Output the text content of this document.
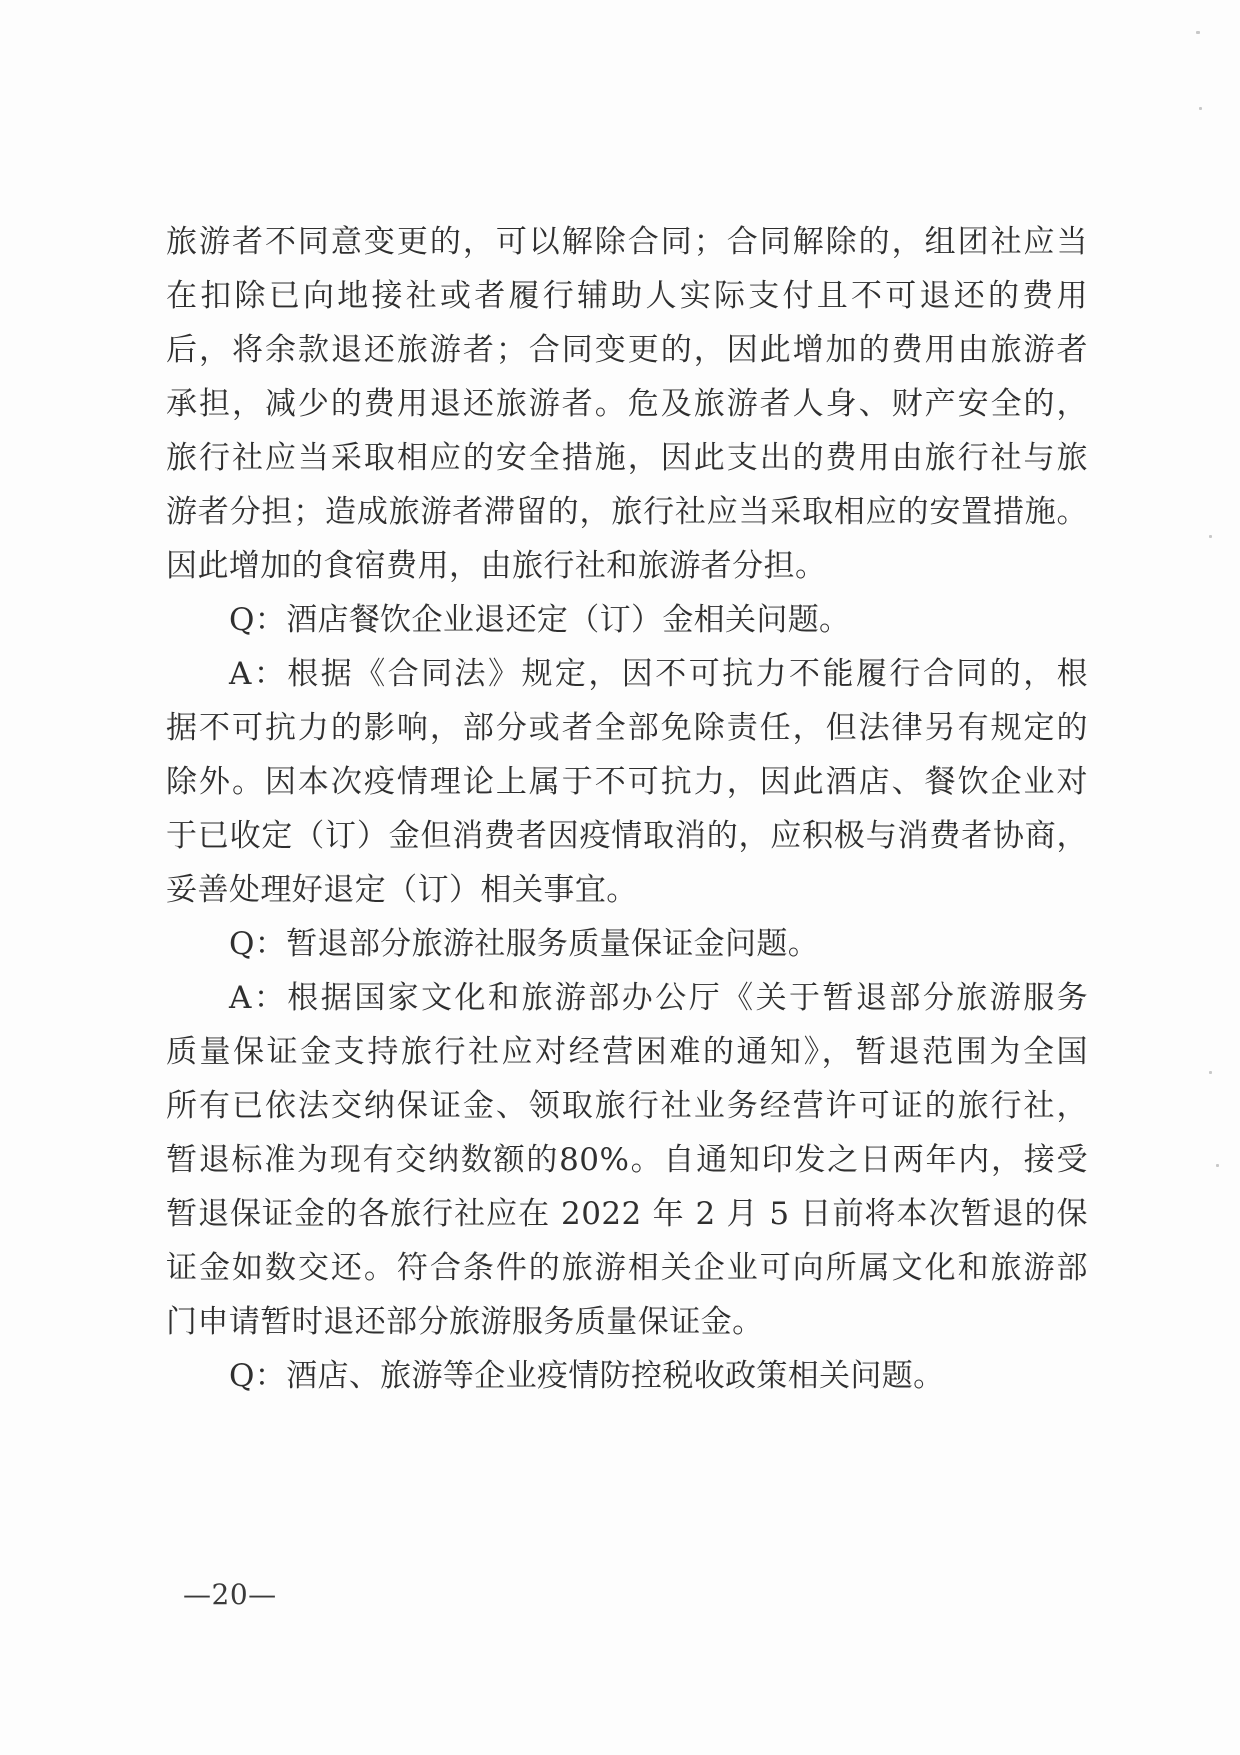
旅游者不同意变更的，可以解除合同；合同解除的，组团社应当
在扣除已向地接社或者履行辅助人实际支付且不可退还的费用
后，将余款退还旅游者；合同变更的，因此增加的费用由旅游者
承担，减少的费用退还旅游者。危及旅游者人身、财产安全的，
旅行社应当采取相应的安全措施，因此支出的费用由旅行社与旅
游者分担；造成旅游者滞留的，旅行社应当采取相应的安置措施。
因此增加的食宿费用，由旅行社和旅游者分担。
Q：酒店餐饮企业退还定（订）金相关问题。
A：根据《合同法》规定，因不可抗力不能履行合同的，根
据不可抗力的影响，部分或者全部免除责任，但法律另有规定的
除外。因本次疫情理论上属于不可抗力，因此酒店、餐饮企业对
于已收定（订）金但消费者因疫情取消的，应积极与消费者协商，
妥善处理好退定（订）相关事宜。
Q：暂退部分旅游社服务质量保证金问题。
A：根据国家文化和旅游部办公厅《关于暂退部分旅游服务
质量保证金支持旅行社应对经营困难的通知》，暂退范围为全国
所有已依法交纳保证金、领取旅行社业务经营许可证的旅行社，
暂退标准为现有交纳数额的80%。自通知印发之日两年内，接受
暂退保证金的各旅行社应在 2022 年 2 月 5 日前将本次暂退的保
证金如数交还。符合条件的旅游相关企业可向所属文化和旅游部
门申请暂时退还部分旅游服务质量保证金。
Q：酒店、旅游等企业疫情防控税收政策相关问题。
—20—
